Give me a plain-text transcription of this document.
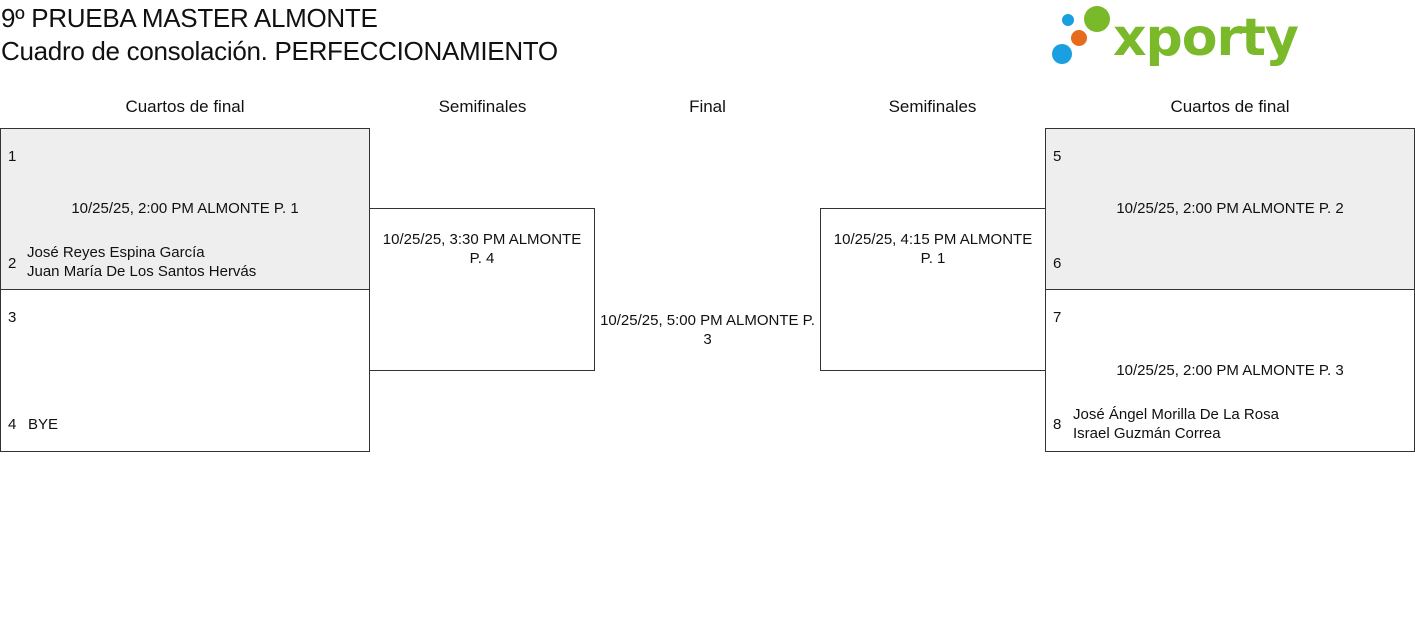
9º PRUEBA MASTER ALMONTE
Cuadro de consolación. PERFECCIONAMIENTO	xporty
Cuartos de final	Semifinales	Final	Semifinales	Cuartos de final
1
10/25/25, 2:00 PM ALMONTE P. 1
2
José Reyes Espina García
Juan María De Los Santos Hervás
3
4 BYE
10/25/25, 3:30 PM ALMONTE P. 4
10/25/25, 5:00 PM ALMONTE P. 3
10/25/25, 4:15 PM ALMONTE P. 1
5
10/25/25, 2:00 PM ALMONTE P. 2
6
7
10/25/25, 2:00 PM ALMONTE P. 3
8
José Ángel Morilla De La Rosa
Israel Guzmán Correa
